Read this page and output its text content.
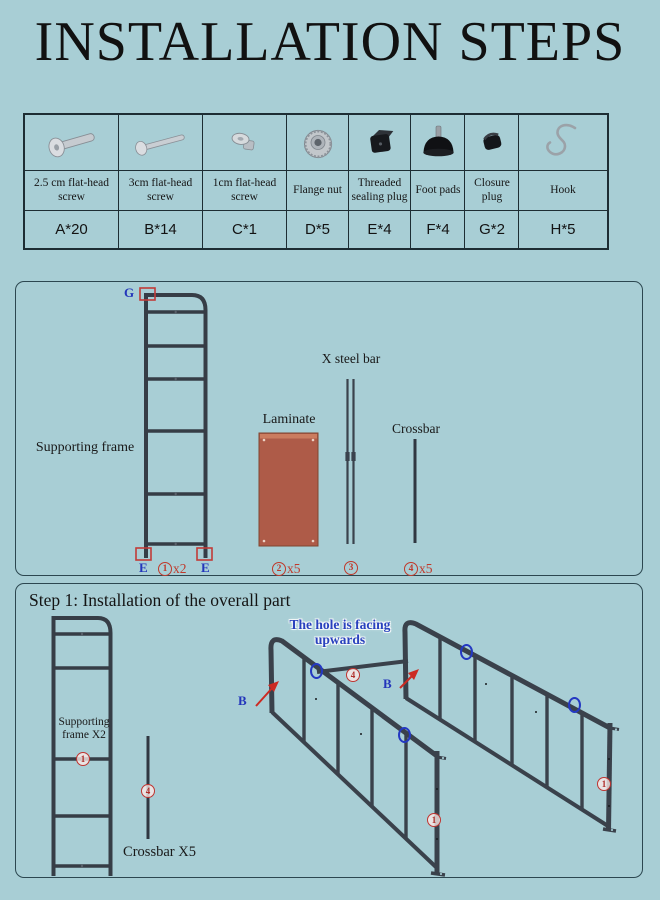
INSTALLATION STEPS
2.5 cm flat-head screw
A*20
3cm flat-head screw
B*14
1cm flat-head screw
C*1
Flange nut
D*5
Threaded sealing plug
E*4
Foot pads
F*4
Closure plug
G*2
Hook
H*5
G
Supporting frame
E	E
1 x2
Laminate
2 x5
X steel bar
3
Crossbar
4 x5
Step 1: Installation of the overall part
Supporting
frame X2
Crossbar X5
The hole is facing
upwards
B
B
1
4
4
1
1
